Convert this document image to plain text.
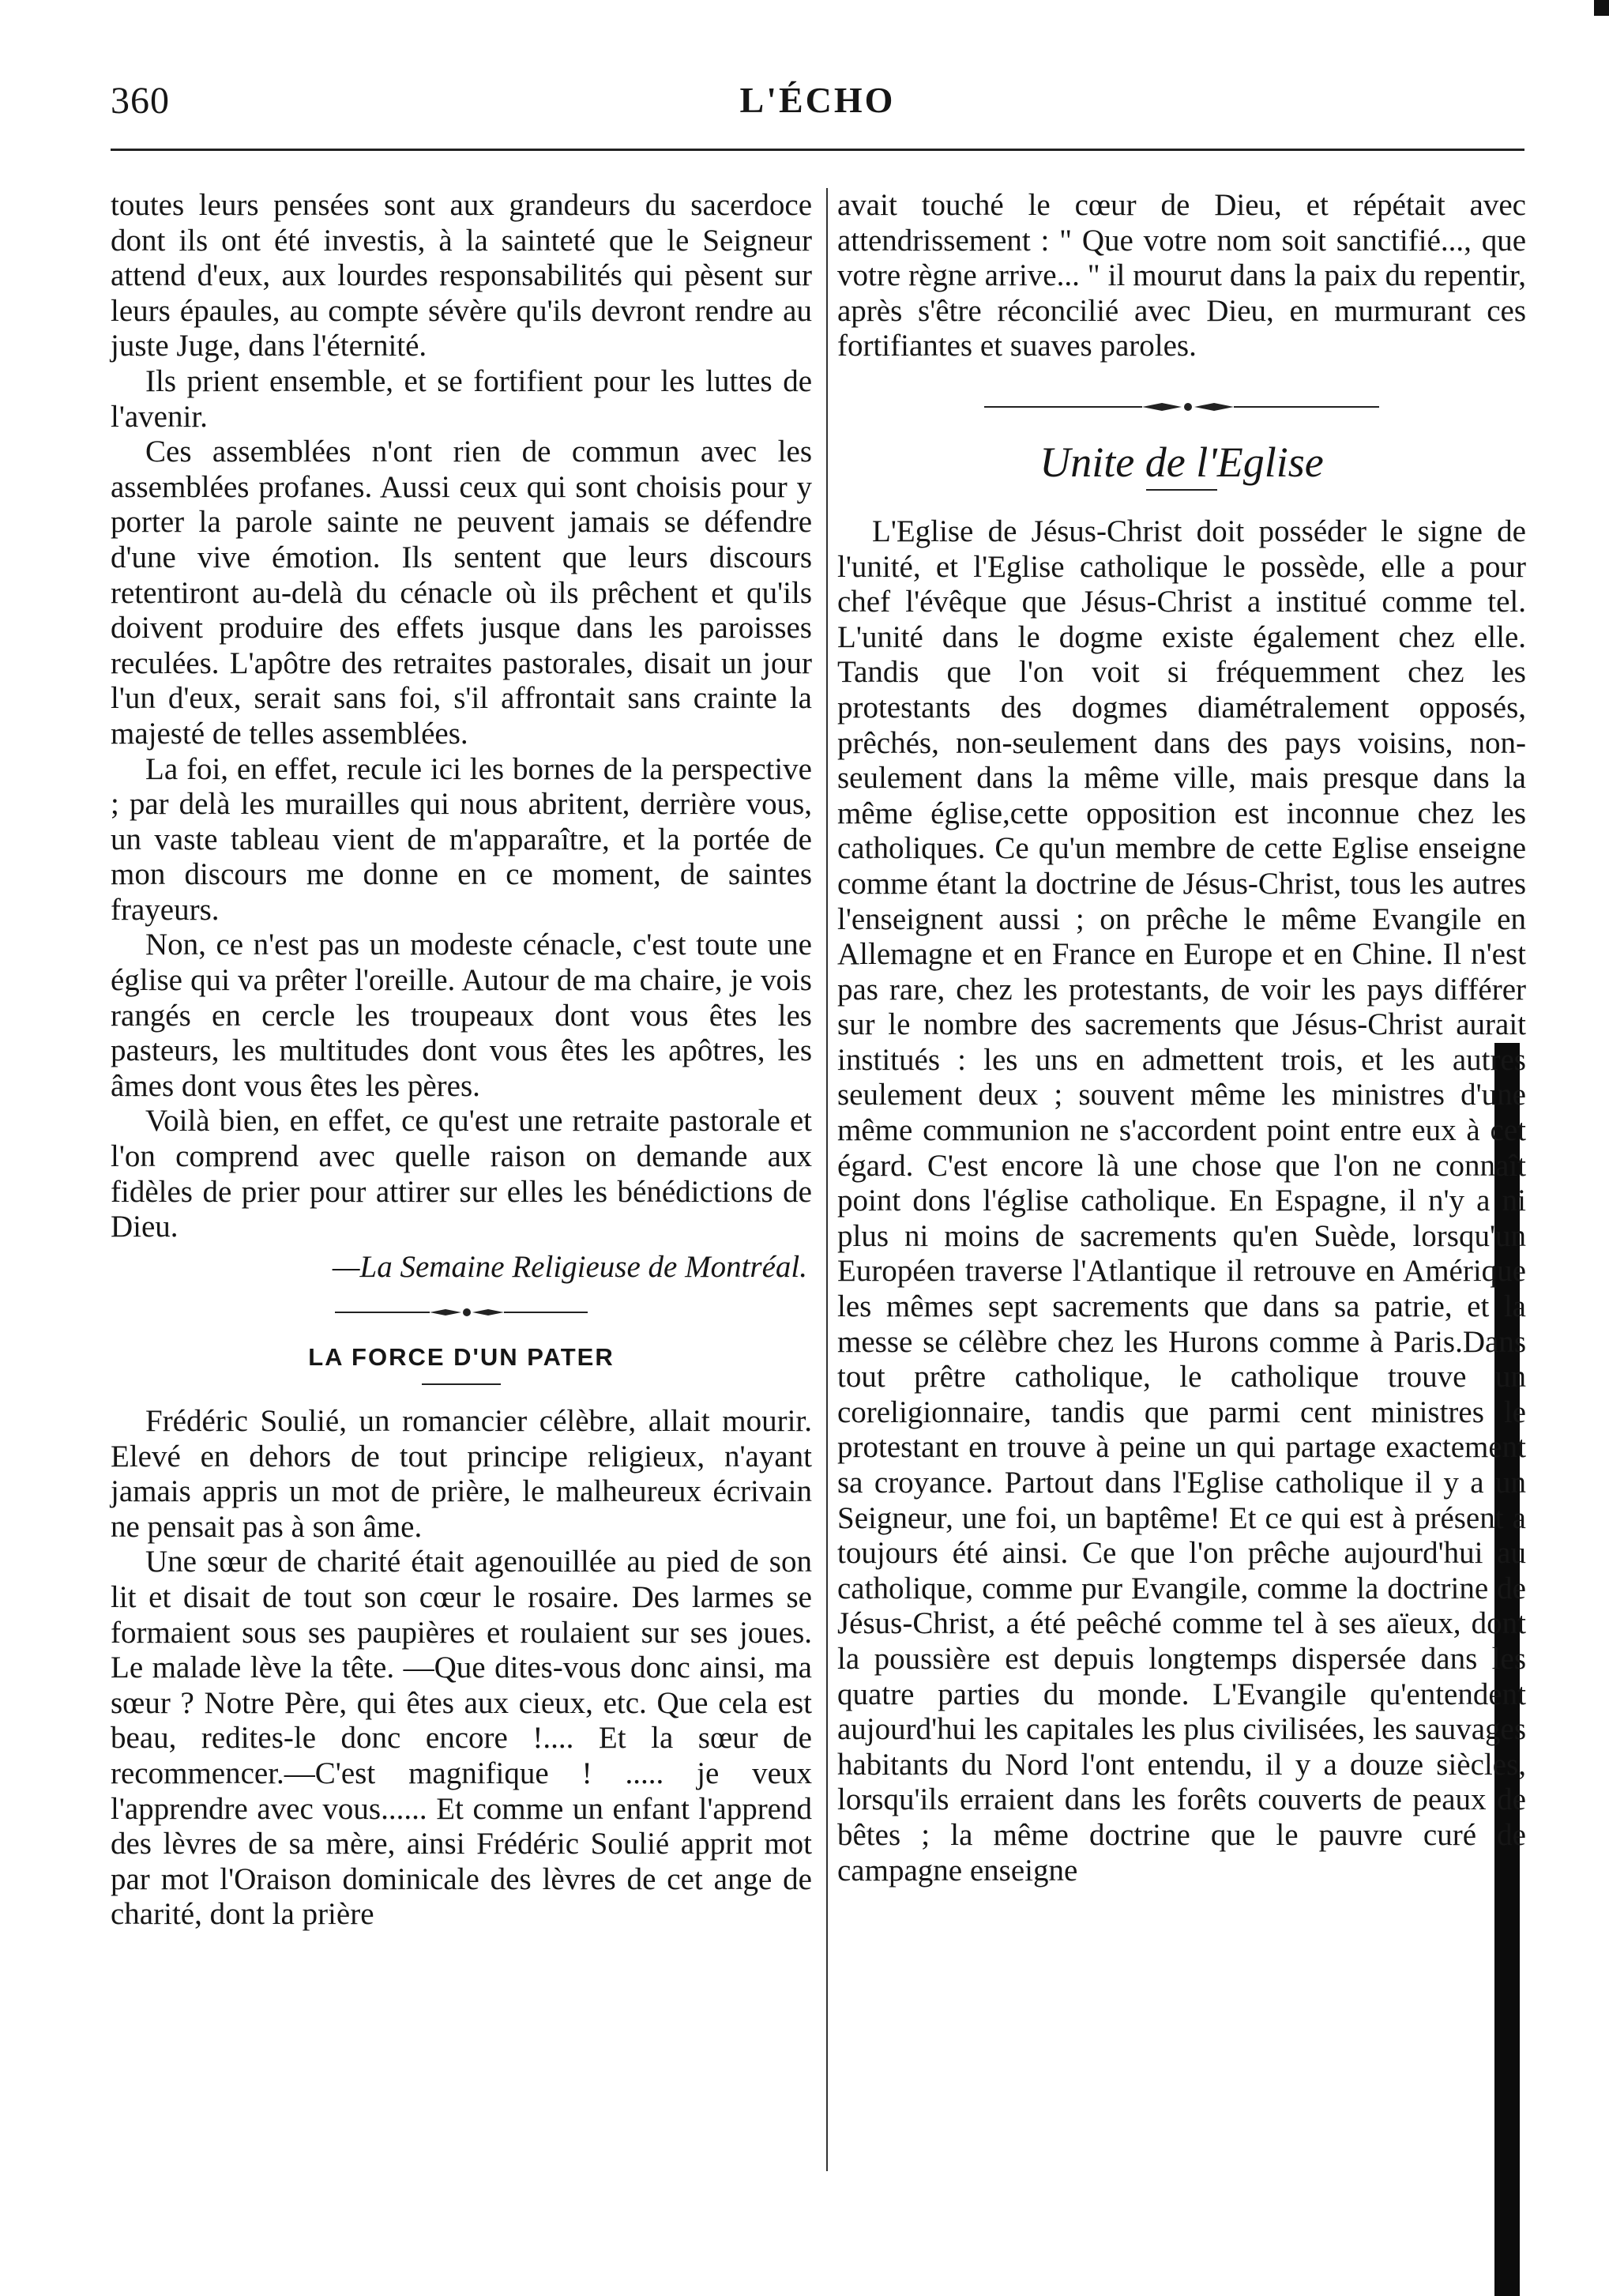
360	L'ÉCHO

toutes leurs pensées sont aux grandeurs du sacerdoce dont ils ont été investis, à la sainteté que le Seigneur attend d'eux, aux lourdes responsabilités qui pèsent sur leurs épaules, au compte sévère qu'ils devront rendre au juste Juge, dans l'éternité.

Ils prient ensemble, et se fortifient pour les luttes de l'avenir.

Ces assemblées n'ont rien de commun avec les assemblées profanes. Aussi ceux qui sont choisis pour y porter la parole sainte ne peuvent jamais se défendre d'une vive émotion. Ils sentent que leurs discours retentiront au-delà du cénacle où ils prêchent et qu'ils doivent produire des effets jusque dans les paroisses reculées. L'apôtre des retraites pastorales, disait un jour l'un d'eux, serait sans foi, s'il affrontait sans crainte la majesté de telles assemblées.

La foi, en effet, recule ici les bornes de la perspective ; par delà les murailles qui nous abritent, derrière vous, un vaste tableau vient de m'apparaître, et la portée de mon discours me donne en ce moment, de saintes frayeurs.

Non, ce n'est pas un modeste cénacle, c'est toute une église qui va prêter l'oreille. Autour de ma chaire, je vois rangés en cercle les troupeaux dont vous êtes les pasteurs, les multitudes dont vous êtes les apôtres, les âmes dont vous êtes les pères.

Voilà bien, en effet, ce qu'est une retraite pastorale et l'on comprend avec quelle raison on demande aux fidèles de prier pour attirer sur elles les bénédictions de Dieu.

—La Semaine Religieuse de Montréal.

LA FORCE D'UN PATER

Frédéric Soulié, un romancier célèbre, allait mourir. Elevé en dehors de tout principe religieux, n'ayant jamais appris un mot de prière, le malheureux écrivain ne pensait pas à son âme.

Une sœur de charité était agenouillée au pied de son lit et disait de tout son cœur le rosaire. Des larmes se formaient sous ses paupières et roulaient sur ses joues. Le malade lève la tête. —Que dites-vous donc ainsi, ma sœur ? Notre Père, qui êtes aux cieux, etc. Que cela est beau, redites-le donc encore !.... Et la sœur de recommencer.—C'est magnifique ! ..... je veux l'apprendre avec vous...... Et comme un enfant l'apprend des lèvres de sa mère, ainsi Frédéric Soulié apprit mot par mot l'Oraison dominicale des lèvres de cet ange de charité, dont la prière

avait touché le cœur de Dieu, et répétait avec attendrissement : " Que votre nom soit sanctifié..., que votre règne arrive... " il mourut dans la paix du repentir, après s'être réconcilié avec Dieu, en murmurant ces fortifiantes et suaves paroles.

Unite de l'Eglise

L'Eglise de Jésus-Christ doit posséder le signe de l'unité, et l'Eglise catholique le possède, elle a pour chef l'évêque que Jésus-Christ a institué comme tel. L'unité dans le dogme existe également chez elle. Tandis que l'on voit si fréquemment chez les protestants des dogmes diamétralement opposés, prêchés, non-seulement dans des pays voisins, non-seulement dans la même ville, mais presque dans la même église,cette opposition est inconnue chez les catholiques. Ce qu'un membre de cette Eglise enseigne comme étant la doctrine de Jésus-Christ, tous les autres l'enseignent aussi ; on prêche le même Evangile en Allemagne et en France en Europe et en Chine. Il n'est pas rare, chez les protestants, de voir les pays différer sur le nombre des sacrements que Jésus-Christ aurait institués : les uns en admettent trois, et les autres seulement deux ; souvent même les ministres d'une même communion ne s'accordent point entre eux à cet égard. C'est encore là une chose que l'on ne connaît point dons l'église catholique. En Espagne, il n'y a ni plus ni moins de sacrements qu'en Suède, lorsqu'un Européen traverse l'Atlantique il retrouve en Amérique les mêmes sept sacrements que dans sa patrie, et la messe se célèbre chez les Hurons comme à Paris.Dans tout prêtre catholique, le catholique trouve un coreligionnaire, tandis que parmi cent ministres le protestant en trouve à peine un qui partage exactement sa croyance. Partout dans l'Eglise catholique il y a un Seigneur, une foi, un baptême! Et ce qui est à présent a toujours été ainsi. Ce que l'on prêche aujourd'hui au catholique, comme pur Evangile, comme la doctrine de Jésus-Christ, a été peêché comme tel à ses aïeux, dont la poussière est depuis longtemps dispersée dans les quatre parties du monde. L'Evangile qu'entendent aujourd'hui les capitales les plus civilisées, les sauvages habitants du Nord l'ont entendu, il y a douze siècles, lorsqu'ils erraient dans les forêts couverts de peaux de bêtes ; la même doctrine que le pauvre curé de campagne enseigne
